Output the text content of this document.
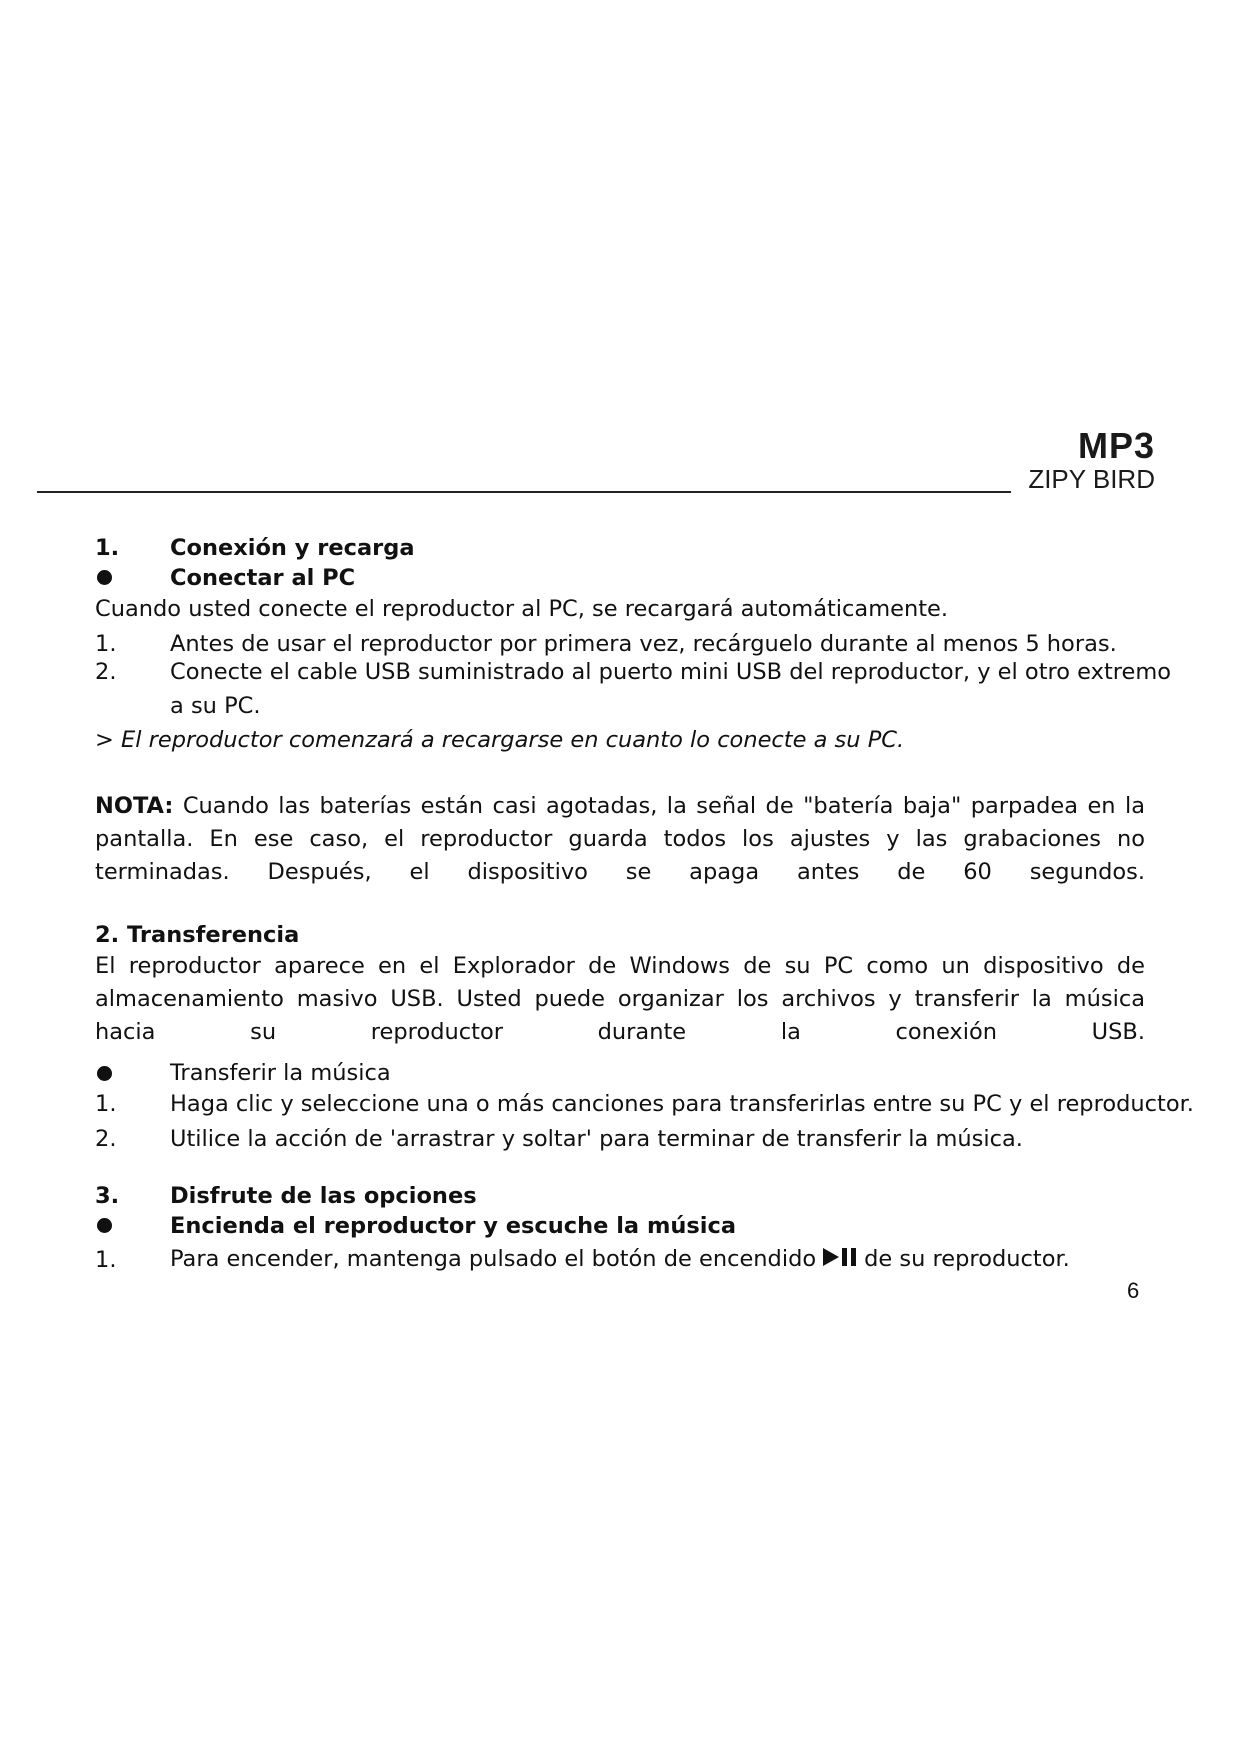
MP3
ZIPY BIRD
1. Conexión y recarga
Conectar al PC
Cuando usted conecte el reproductor al PC, se recargará automáticamente.
1. Antes de usar el reproductor por primera vez, recárguelo durante al menos 5 horas.
2. Conecte el cable USB suministrado al puerto mini USB del reproductor, y el otro extremo
a su PC.
> El reproductor comenzará a recargarse en cuanto lo conecte a su PC.
NOTA: Cuando las baterías están casi agotadas, la señal de "batería baja" parpadea en la pantalla. En ese caso, el reproductor guarda todos los ajustes y las grabaciones no terminadas. Después, el dispositivo se apaga antes de 60 segundos.
2. Transferencia
El reproductor aparece en el Explorador de Windows de su PC como un dispositivo de almacenamiento masivo USB. Usted puede organizar los archivos y transferir la música hacia su reproductor durante la conexión USB.
Transferir la música
1. Haga clic y seleccione una o más canciones para transferirlas entre su PC y el reproductor.
2. Utilice la acción de 'arrastrar y soltar' para terminar de transferir la música.
3. Disfrute de las opciones
Encienda el reproductor y escuche la música
1. Para encender, mantenga pulsado el botón de encendido de su reproductor.
6
